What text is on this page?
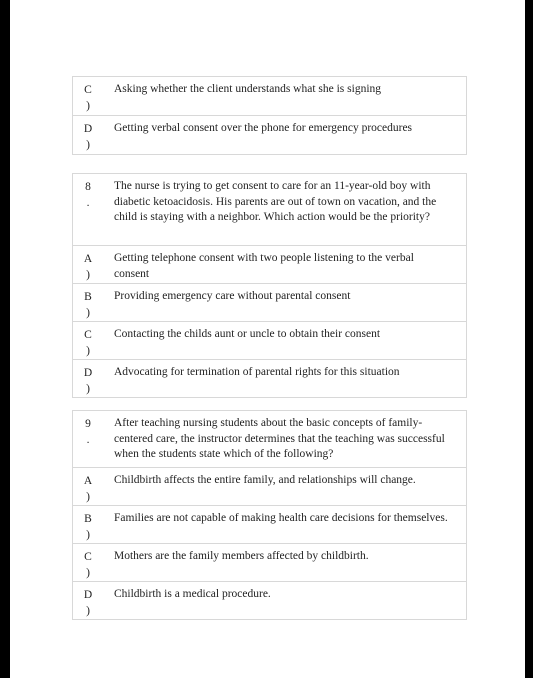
C
)
Asking whether the client understands what she is signing
D
)
Getting verbal consent over the phone for emergency procedures
8
.
The nurse is trying to get consent to care for an 11-year-old boy with diabetic ketoacidosis. His parents are out of town on vacation, and the child is staying with a neighbor. Which action would be the priority?
A
)
Getting telephone consent with two people listening to the verbal consent
B
)
Providing emergency care without parental consent
C
)
Contacting the childs aunt or uncle to obtain their consent
D
)
Advocating for termination of parental rights for this situation
9
.
After teaching nursing students about the basic concepts of family-centered care, the instructor determines that the teaching was successful when the students state which of the following?
A
)
Childbirth affects the entire family, and relationships will change.
B
)
Families are not capable of making health care decisions for themselves.
C
)
Mothers are the family members affected by childbirth.
D
)
Childbirth is a medical procedure.
